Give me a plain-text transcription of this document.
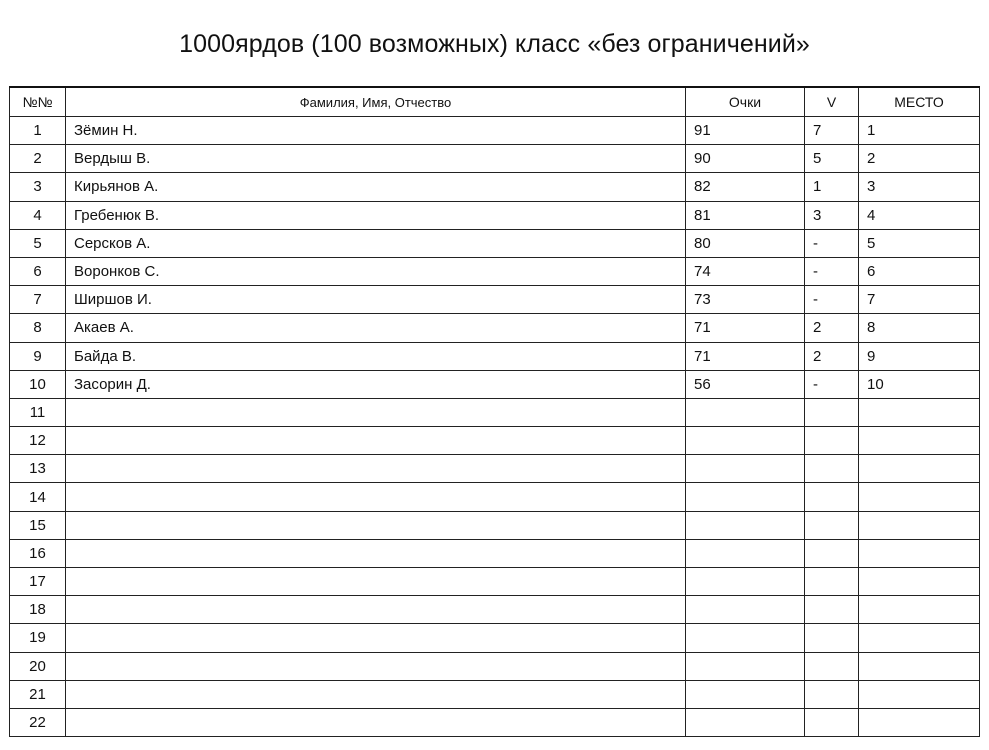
1000ярдов (100 возможных) класс «без ограничений»
№№	Фамилия, Имя, Отчество	Очки	V	МЕСТО
1	Зёмин Н.	91	7	1
2	Вердыш В.	90	5	2
3	Кирьянов А.	82	1	3
4	Гребенюк В.	81	3	4
5	Серсков А.	80	-	5
6	Воронков С.	74	-	6
7	Ширшов И.	73	-	7
8	Акаев А.	71	2	8
9	Байда В.	71	2	9
10	Засорин Д.	56	-	10
11				
12				
13				
14				
15				
16				
17				
18				
19				
20				
21				
22				
